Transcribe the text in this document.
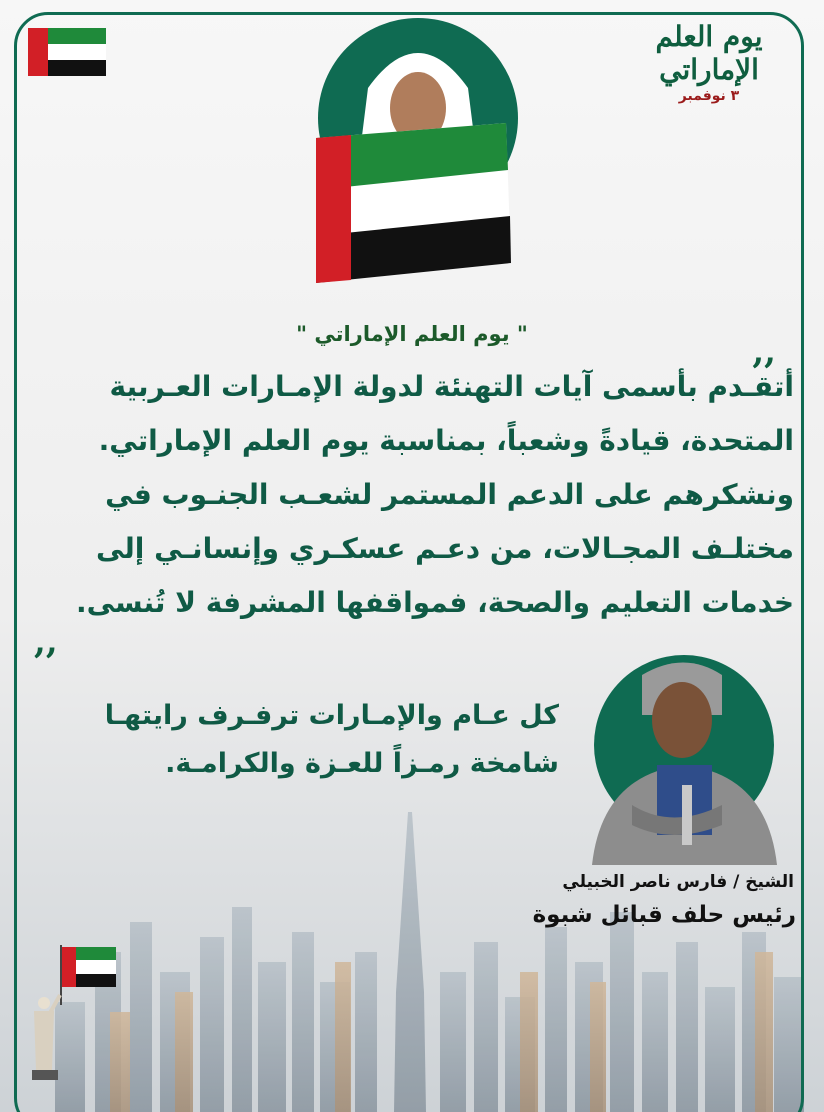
يوم العلم الإماراتي
٣ نوفمبر
" يوم العلم الإماراتي "	,,
أتقـدم بأسمى آيات التهنئة لدولة الإمـارات العـربية
المتحدة، قيادةً وشعباً، بمناسبة يوم العلم الإماراتي.
ونشكرهم على الدعم المستمر لشعـب الجنـوب في
مختلـف المجـالات، من دعـم عسكـري وإنسانـي إلى
خدمات التعليم والصحة، فمواقفها المشرفة لا تُنسى.
,,
كل عـام والإمـارات ترفـرف رايتهـا
شامخة رمـزاً للعـزة والكرامـة.
الشيخ / فارس ناصر الخبيلي
رئيس حلف قبائل شبوة
